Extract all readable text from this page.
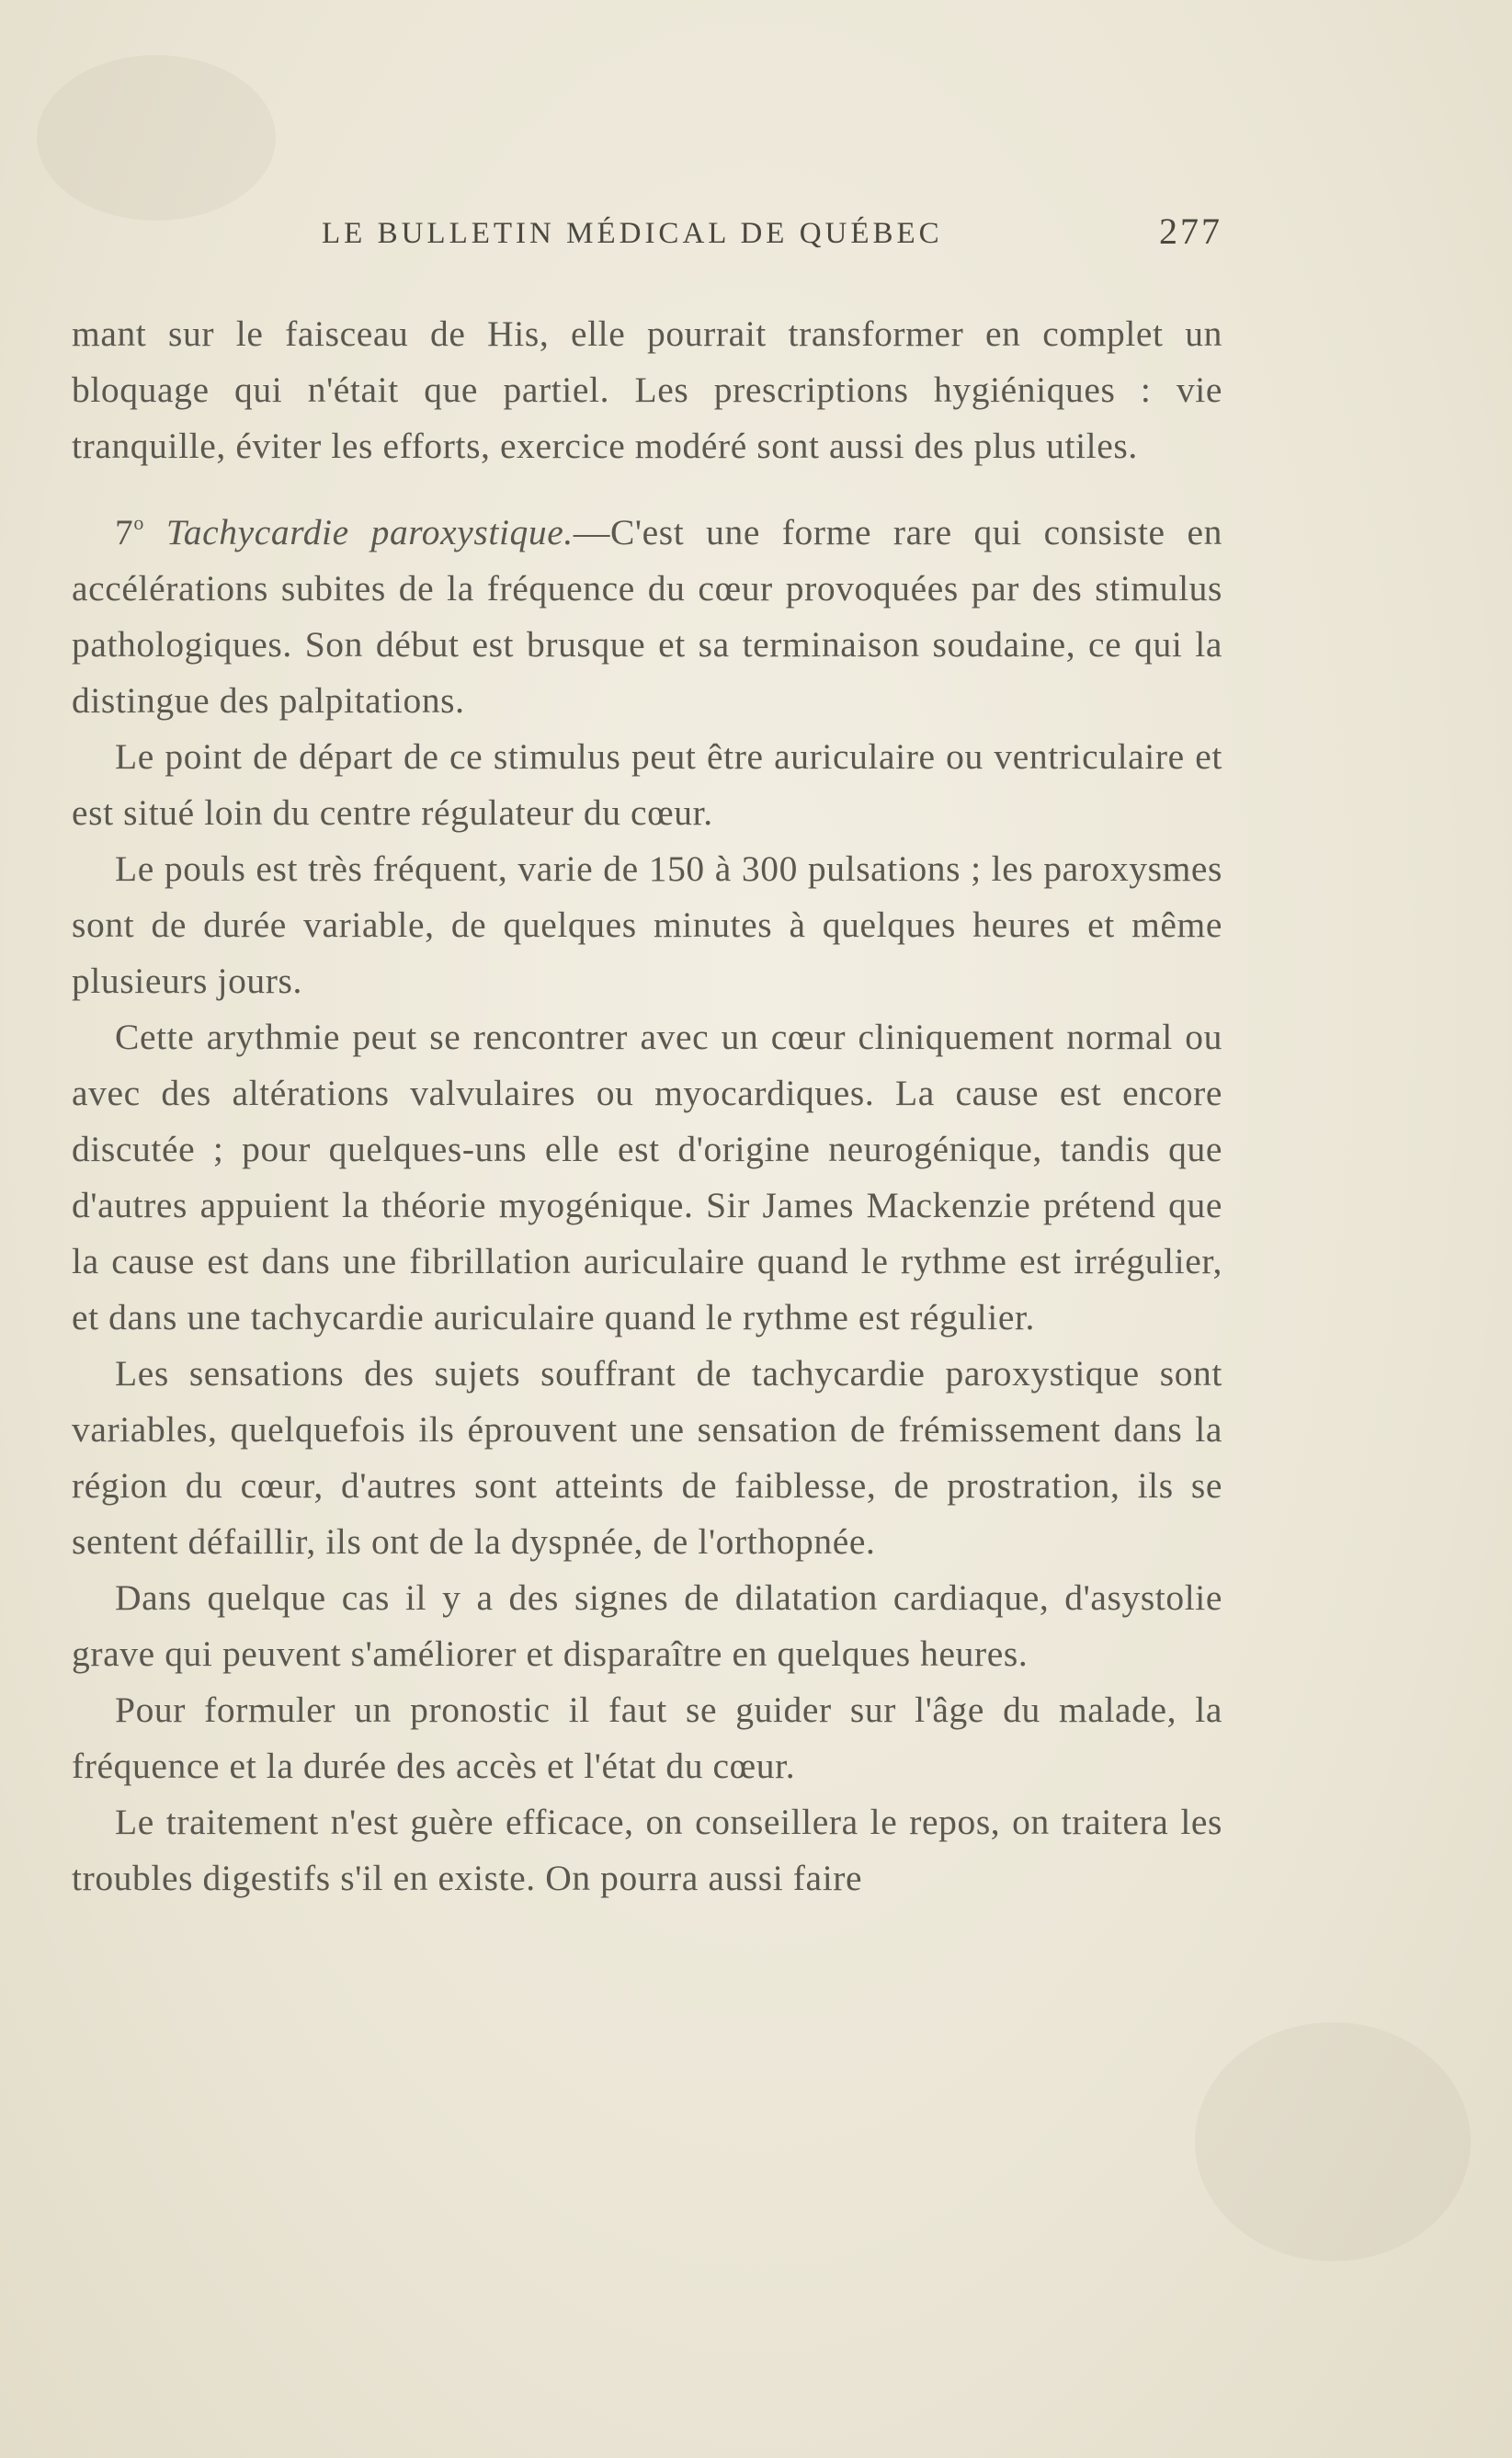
LE BULLETIN MÉDICAL DE QUÉBEC	277

mant sur le faisceau de His, elle pourrait transformer en complet un bloquage qui n'était que partiel. Les prescriptions hygiéniques : vie tranquille, éviter les efforts, exercice modéré sont aussi des plus utiles.

7$^o$ Tachycardie paroxystique.—C'est une forme rare qui consiste en accélérations subites de la fréquence du cœur provoquées par des stimulus pathologiques. Son début est brusque et sa terminaison soudaine, ce qui la distingue des palpitations.

Le point de départ de ce stimulus peut être auriculaire ou ventriculaire et est situé loin du centre régulateur du cœur.

Le pouls est très fréquent, varie de 150 à 300 pulsations ; les paroxysmes sont de durée variable, de quelques minutes à quelques heures et même plusieurs jours.

Cette arythmie peut se rencontrer avec un cœur cliniquement normal ou avec des altérations valvulaires ou myocardiques. La cause est encore discutée ; pour quelques-uns elle est d'origine neurogénique, tandis que d'autres appuient la théorie myogénique. Sir James Mackenzie prétend que la cause est dans une fibrillation auriculaire quand le rythme est irrégulier, et dans une tachycardie auriculaire quand le rythme est régulier.

Les sensations des sujets souffrant de tachycardie paroxystique sont variables, quelquefois ils éprouvent une sensation de frémissement dans la région du cœur, d'autres sont atteints de faiblesse, de prostration, ils se sentent défaillir, ils ont de la dyspnée, de l'orthopnée.

Dans quelque cas il y a des signes de dilatation cardiaque, d'asystolie grave qui peuvent s'améliorer et disparaître en quelques heures.

Pour formuler un pronostic il faut se guider sur l'âge du malade, la fréquence et la durée des accès et l'état du cœur.

Le traitement n'est guère efficace, on conseillera le repos, on traitera les troubles digestifs s'il en existe. On pourra aussi faire
